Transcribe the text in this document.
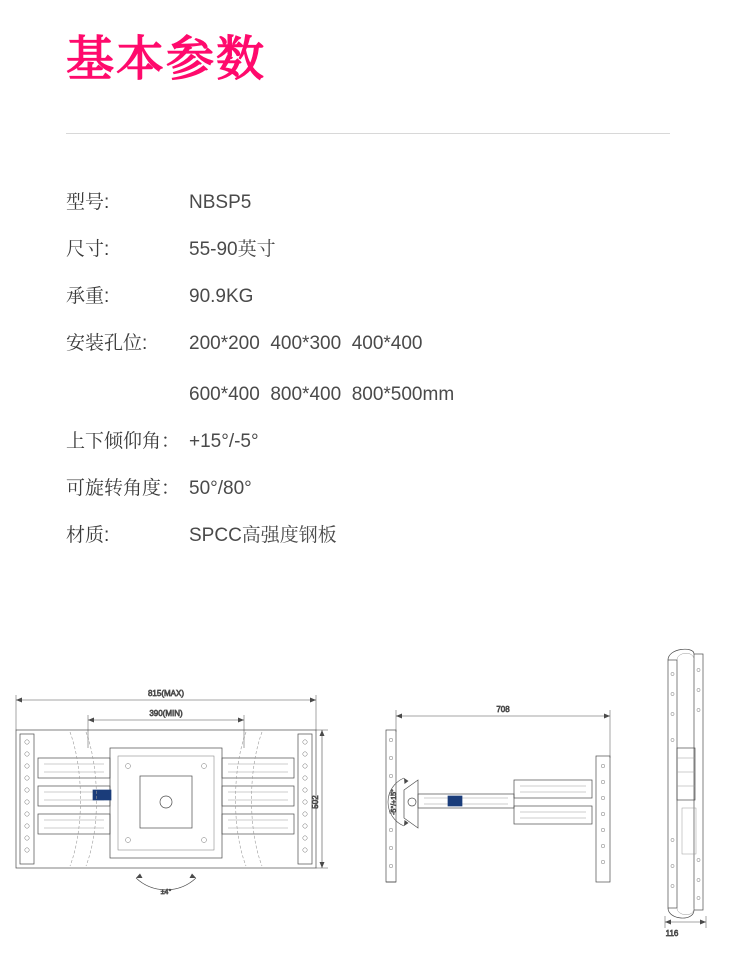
基本参数
型号:	NBSP5
尺寸:	55-90英寸
承重:	90.9KG
安装孔位:	200*200  400*300  400*400
600*400  800*400  800*500mm
上下倾仰角： +15°/-5°
可旋转角度： 50°/80°
材质:	SPCC高强度钢板
815(MAX)
390(MIN)
502
±4°
708
-5°/+15°
116
